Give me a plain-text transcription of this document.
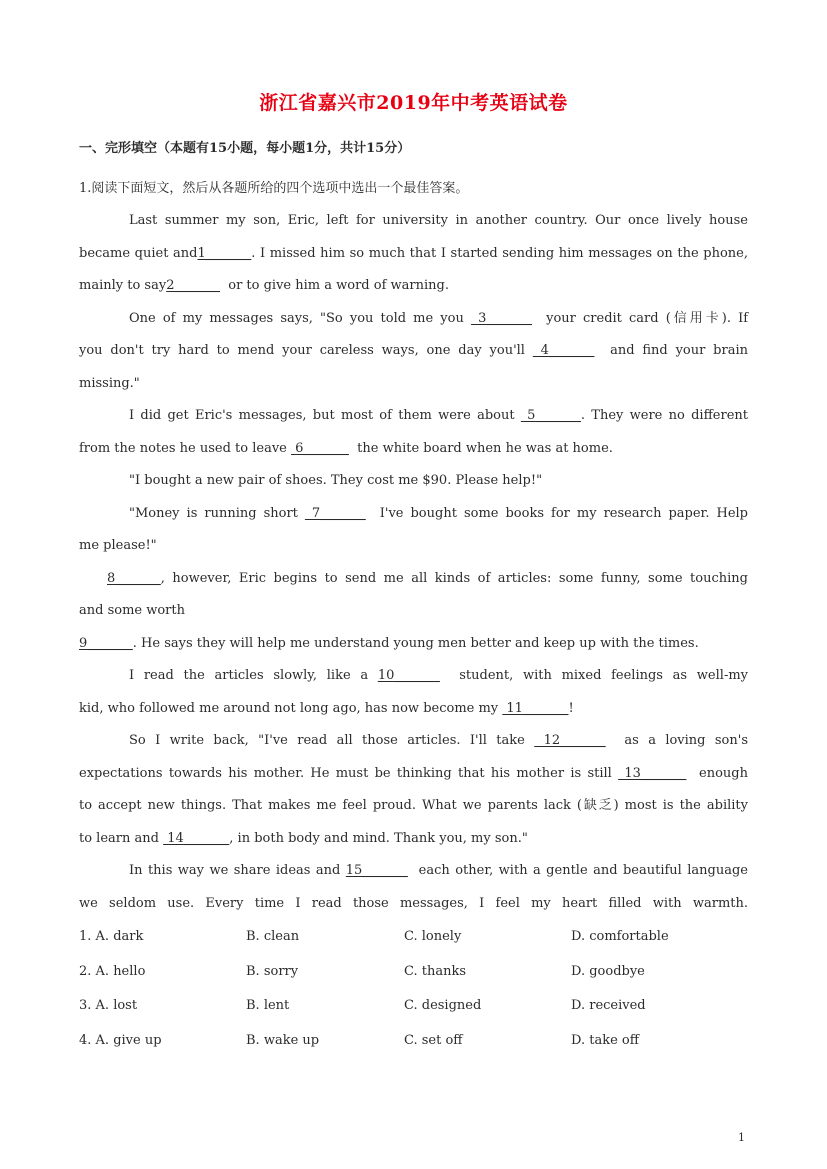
浙江省嘉兴市2019年中考英语试卷
一、完形填空（本题有15小题，每小题1分，共计15分）
1.阅读下面短文，然后从各题所给的四个选项中选出一个最佳答案。
Last summer my son, Eric, left for university in another country. Our once lively house
became quiet and1_______. I missed him so much that I started sending him messages on the phone,
mainly to say2_______  or to give him a word of warning.
One of my messages says, "So you told me you  3_______  your credit card (信用卡). If
you don't try hard to mend your careless ways, one day you'll  4_______  and find your brain
missing."
I did get Eric's messages, but most of them were about  5_______. They were no different
from the notes he used to leave  6_______  the white board when he was at home.
"I bought a new pair of shoes. They cost me $90. Please help!"
"Money is running short  7_______  I've bought some books for my research paper. Help
me please!"
8_______, however, Eric begins to send me all kinds of articles: some funny, some touching
and some worth
9_______. He says they will help me understand young men better and keep up with the times.
I read the articles slowly, like a 10_______  student, with mixed feelings as well-my
kid, who followed me around not long ago, has now become my  11_______!
So I write back, "I've read all those articles. I'll take  12_______  as a loving son's
expectations towards his mother. He must be thinking that his mother is still  13_______  enough
to accept new things. That makes me feel proud. What we parents lack (缺乏) most is the ability
to learn and  14_______, in both body and mind. Thank you, my son."
In this way we share ideas and 15_______  each other, with a gentle and beautiful language
we seldom use. Every time I read those messages, I feel my heart filled with warmth.
1. A. dark	B. clean	C. lonely	D. comfortable
2. A. hello	B. sorry	C. thanks	D. goodbye
3. A. lost	B. lent	C. designed	D. received
4. A. give up	B. wake up	C. set off	D. take off
1
